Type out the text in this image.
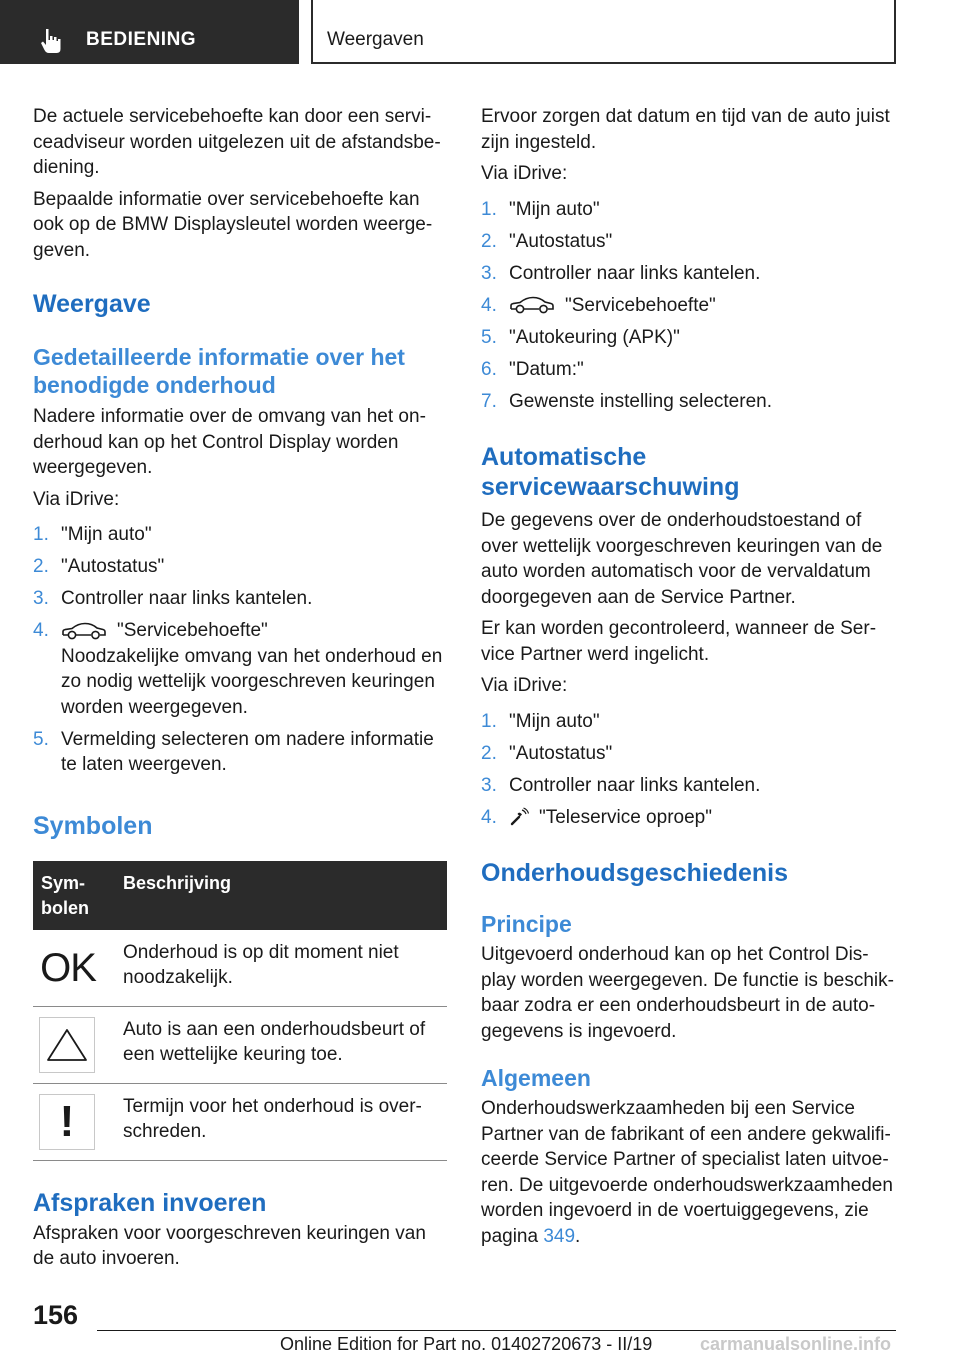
BEDIENING	Weergaven

De actuele servicebehoefte kan door een serviceadviseur worden uitgelezen uit de afstandsbediening.

Bepaalde informatie over servicebehoefte kan ook op de BMW Displaysleutel worden weergegeven.

Weergave
Gedetailleerde informatie over het benodigde onderhoud

Nadere informatie over de omvang van het onderhoud kan op het Control Display worden weergegeven.

Via iDrive:

1. "Mijn auto"
2. "Autostatus"
3. Controller naar links kantelen.
4.	"Servicebehoefte"
Noodzakelijke omvang van het onderhoud en zo nodig wettelijk voorgeschreven keuringen worden weergegeven.
5. Vermelding selecteren om nadere informatie te laten weergeven.
Symbolen
Symbolen	Beschrijving

OK	Onderhoud is op dit moment niet noodzakelijk.

	Auto is aan een onderhoudsbeurt of een wettelijke keuring toe.

!	Termijn voor het onderhoud is overschreden.
Afspraken invoeren

Afspraken voor voorgeschreven keuringen van de auto invoeren.

Ervoor zorgen dat datum en tijd van de auto juist zijn ingesteld.

Via iDrive:

1. "Mijn auto"
2. "Autostatus"
3. Controller naar links kantelen.
4.	"Servicebehoefte"
5. "Autokeuring (APK)"
6. "Datum:"
7. Gewenste instelling selecteren.
Automatische servicewaarschuwing

De gegevens over de onderhoudstoestand of over wettelijk voorgeschreven keuringen van de auto worden automatisch voor de vervaldatum doorgegeven aan de Service Partner.

Er kan worden gecontroleerd, wanneer de Service Partner werd ingelicht.

Via iDrive:

1. "Mijn auto"
2. "Autostatus"
3. Controller naar links kantelen.
4.	"Teleservice oproep"
Onderhoudsgeschiedenis
Principe

Uitgevoerd onderhoud kan op het Control Display worden weergegeven. De functie is beschikbaar zodra er een onderhoudsbeurt in de autogegevens is ingevoerd.

Algemeen

Onderhoudswerkzaamheden bij een Service Partner van de fabrikant of een andere gekwalificeerde Service Partner of specialist laten uitvoeren. De uitgevoerde onderhoudswerkzaamheden worden ingevoerd in de voertuiggegevens, zie pagina 349.

156
Online Edition for Part no. 01402720673 - II/19	carmanualsonline.info
